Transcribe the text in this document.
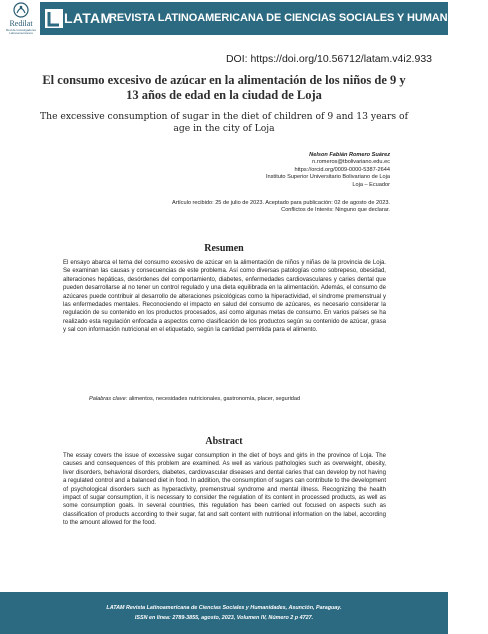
Redilat
Red de Investigadores Latinoamericanos
LATAM
REVISTA LATINOAMERICANA DE CIENCIAS SOCIALES Y HUMANIDADES
DOI: https://doi.org/10.56712/latam.v4i2.933
El consumo excesivo de azúcar en la alimentación de los niños de 9 y 13 años de edad en la ciudad de Loja
The excessive consumption of sugar in the diet of children of 9 and 13 years of age in the city of Loja
Nelson Fabián Romero Suárez
n.romeros@tbolivariano.edu.ec
https://orcid.org/0009-0000-5387-2644
Instituto Superior Universitario Bolivariano de Loja
Loja – Ecuador
Artículo recibido: 25 de julio de 2023. Aceptado para publicación: 02 de agosto de 2023.
Conflictos de Interés: Ninguno que declarar.
Resumen

El ensayo abarca el tema del consumo excesivo de azúcar en la alimentación de niños y niñas de la provincia de Loja. Se examinan las causas y consecuencias de este problema. Así como diversas patologías como sobrepeso, obesidad, alteraciones hepáticas, desórdenes del comportamiento, diabetes, enfermedades cardiovasculares y caries dental que pueden desarrollarse al no tener un control regulado y una dieta equilibrada en la alimentación. Además, el consumo de azúcares puede contribuir al desarrollo de alteraciones psicológicas como la hiperactividad, el síndrome premenstrual y las enfermedades mentales. Reconociendo el impacto en salud del consumo de azúcares, es necesario considerar la regulación de su contenido en los productos procesados, así como algunas metas de consumo. En varios países se ha realizado esta regulación enfocada a aspectos como clasificación de los productos según su contenido de azúcar, grasa y sal con información nutricional en el etiquetado, según la cantidad permitida para el alimento.

Palabras clave: alimentos, necesidades nutricionales, gastronomía, placer, seguridad
Abstract

The essay covers the issue of excessive sugar consumption in the diet of boys and girls in the province of Loja. The causes and consequences of this problem are examined. As well as various pathologies such as overweight, obesity, liver disorders, behavioral disorders, diabetes, cardiovascular diseases and dental caries that can develop by not having a regulated control and a balanced diet in food. In addition, the consumption of sugars can contribute to the development of psychological disorders such as hyperactivity, premenstrual syndrome and mental illness. Recognizing the health impact of sugar consumption, it is necessary to consider the regulation of its content in processed products, as well as some consumption goals. In several countries, this regulation has been carried out focused on aspects such as classification of products according to their sugar, fat and salt content with nutritional information on the label, according to the amount allowed for the food.

LATAM Revista Latinoamericana de Ciencias Sociales y Humanidades, Asunción, Paraguay.
ISSN en línea: 2789-3855, agosto, 2023, Volumen IV, Número 2 p 4727.
